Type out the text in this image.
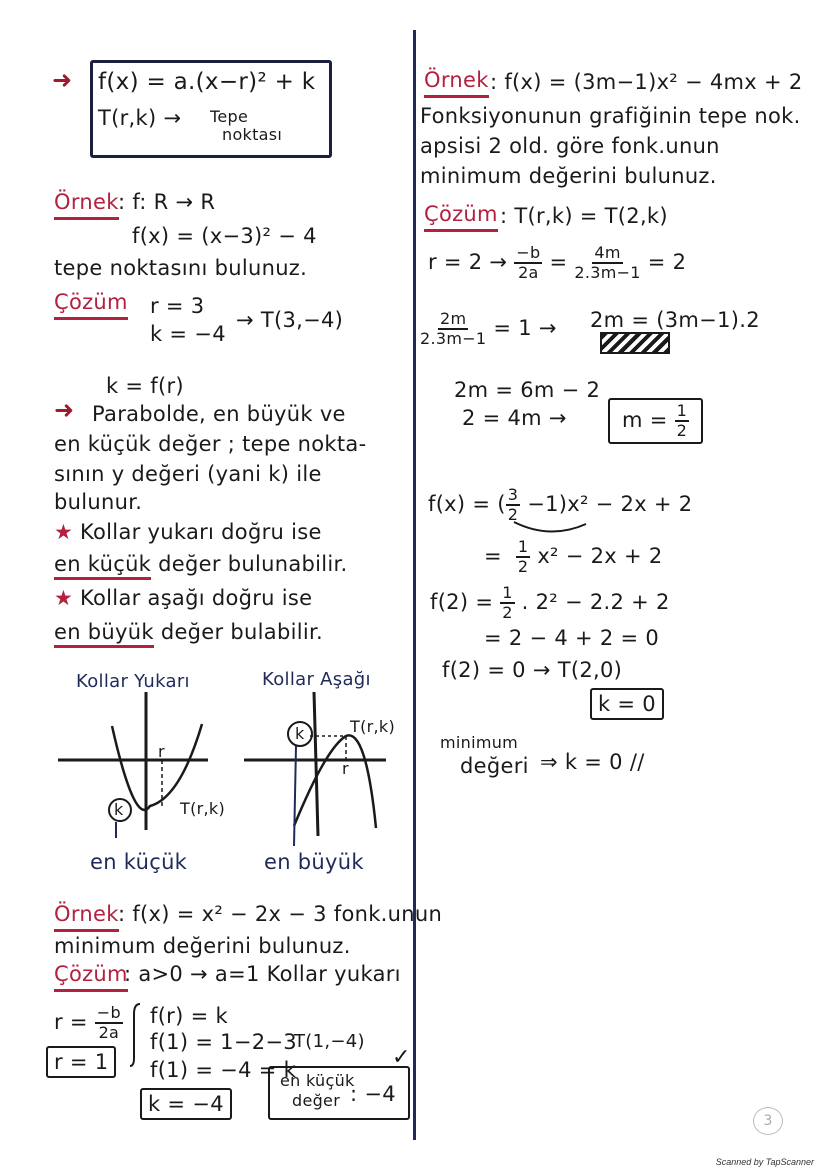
➜ f(x) = a.(x−r)² + k
T(r,k) → Tepe
noktası
Örnek : f: R → R
f(x) = (x−3)² − 4
tepe noktasını bulunuz.
Çözüm r = 3
k = −4
→ T(3,−4)
k = f(r)
➜ Parabolde, en büyük ve
en küçük değer ; tepe nokta-
sının y değeri (yani k) ile
bulunur.
★ Kollar yukarı doğru ise
en küçük değer bulunabilir.
★ Kollar aşağı doğru ise
en büyük değer bulabilir.
Kollar Yukarı	Kollar Aşağı
r
k	T(r,k)
en küçük
k	T(r,k)
r
en büyük
Örnek : f(x) = x² − 2x − 3 fonk.unun
minimum değerini bulunuz.
Çözüm
: a>0 → a=1 Kollar yukarı
$r = \frac{-b}{2a}$
r = 1
f(r) = k
f(1) = 1−2−3
T(1,−4)
f(1) = −4 = k
k = −4
en küçük
değer : −4
✓
Örnek : f(x) = (3m−1)x² − 4mx + 2
Fonksiyonunun grafiğinin tepe nok.
apsisi 2 old. göre fonk.unun
minimum değerini bulunuz.
Çözüm : T(r,k) = T(2,k)
$r = 2 \to \frac{-b}{2a} = \frac{4m}{2.3m-1} = 2$
$\frac{2m}{2.3m-1} = 1 \to 2m = (3m-1).2$
2m = 6m − 2
2 = 4m →	$m = \frac{1}{2}$
f(x) = ( $\frac{3}{2} -1)x^2 - 2x + 2$
= $\frac{1}{2} x^2 - 2x + 2$
$f(2) = \frac{1}{2}$ . 2² − 2.2 + 2
= 2 − 4 + 2 = 0
f(2) = 0 → T(2,0)
k = 0
minimum
değeri ⇒ k = 0 //
3
Scanned by TapScanner
